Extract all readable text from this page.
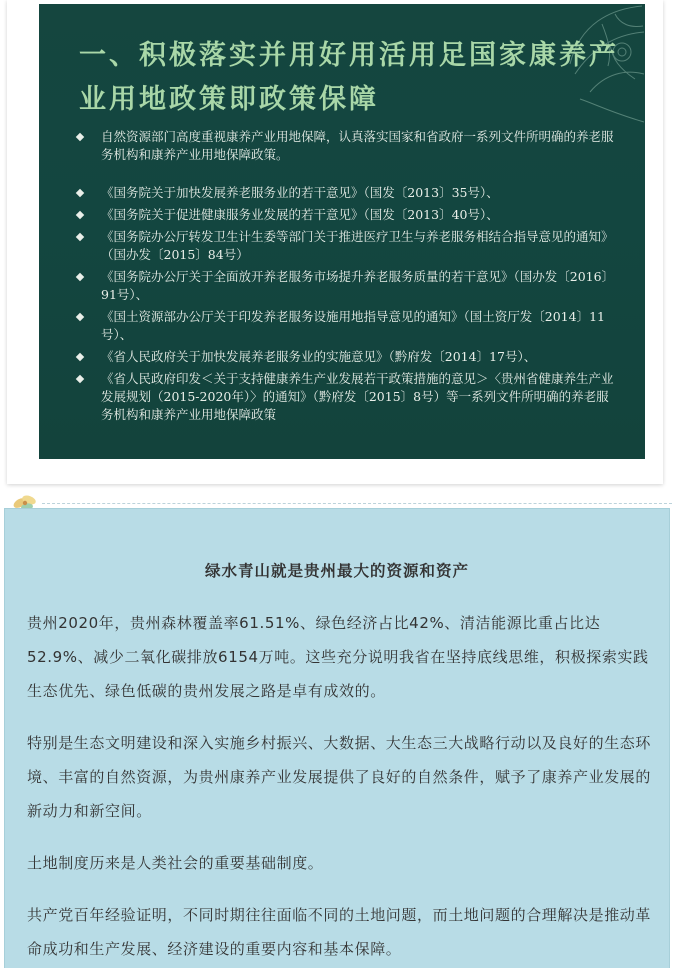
一、积极落实并用好用活用足国家康养产业用地政策即政策保障
自然资源部门高度重视康养产业用地保障，认真落实国家和省政府一系列文件所明确的养老服务机构和康养产业用地保障政策。
《国务院关于加快发展养老服务业的若干意见》（国发〔2013〕35号）、
《国务院关于促进健康服务业发展的若干意见》（国发〔2013〕40号）、
《国务院办公厅转发卫生计生委等部门关于推进医疗卫生与养老服务相结合指导意见的通知》（国办发〔2015〕84号）
《国务院办公厅关于全面放开养老服务市场提升养老服务质量的若干意见》（国办发〔2016〕91号）、
《国土资源部办公厅关于印发养老服务设施用地指导意见的通知》（国土资厅发〔2014〕11号）、
《省人民政府关于加快发展养老服务业的实施意见》（黔府发〔2014〕17号）、
《省人民政府印发＜关于支持健康养生产业发展若干政策措施的意见＞〈贵州省健康养生产业发展规划（2015-2020年）〉的通知》（黔府发〔2015〕8号）等一系列文件所明确的养老服务机构和康养产业用地保障政策
绿水青山就是贵州最大的资源和资产

贵州2020年，贵州森林覆盖率61.51%、绿色经济占比42%、清洁能源比重占比达52.9%、减少二氧化碳排放6154万吨。这些充分说明我省在坚持底线思维，积极探索实践生态优先、绿色低碳的贵州发展之路是卓有成效的。

特别是生态文明建设和深入实施乡村振兴、大数据、大生态三大战略行动以及良好的生态环境、丰富的自然资源，为贵州康养产业发展提供了良好的自然条件，赋予了康养产业发展的新动力和新空间。

土地制度历来是人类社会的重要基础制度。

共产党百年经验证明，不同时期往往面临不同的土地问题，而土地问题的合理解决是推动革命成功和生产发展、经济建设的重要内容和基本保障。
